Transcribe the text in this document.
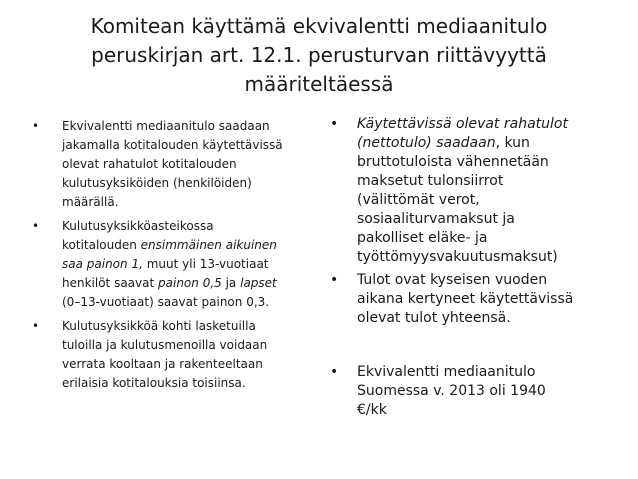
Komitean käyttämä ekvivalentti mediaanitulo
peruskirjan art. 12.1. perusturvan riittävyyttä
määriteltäessä
• Ekvivalentti mediaanitulo saadaan
jakamalla kotitalouden käytettävissä
olevat rahatulot kotitalouden
kulutusyksiköiden (henkilöiden)
määrällä.
• Kulutusyksikköasteikossa
kotitalouden ensimmäinen aikuinen
saa painon 1, muut yli 13-vuotiaat
henkilöt saavat painon 0,5 ja lapset
(0–13-vuotiaat) saavat painon 0,3.
• Kulutusyksikköä kohti lasketuilla
tuloilla ja kulutusmenoilla voidaan
verrata kooltaan ja rakenteeltaan
erilaisia kotitalouksia toisiinsa.
• Käytettävissä olevat rahatulot
(nettotulo) saadaan, kun
bruttotuloista vähennetään
maksetut tulonsiirrot
(välittömät verot,
sosiaaliturvamaksut ja
pakolliset eläke- ja
työttömyysvakuutusmaksut)
• Tulot ovat kyseisen vuoden
aikana kertyneet käytettävissä
olevat tulot yhteensä.
• Ekvivalentti mediaanitulo
Suomessa v. 2013 oli 1940
€/kk
